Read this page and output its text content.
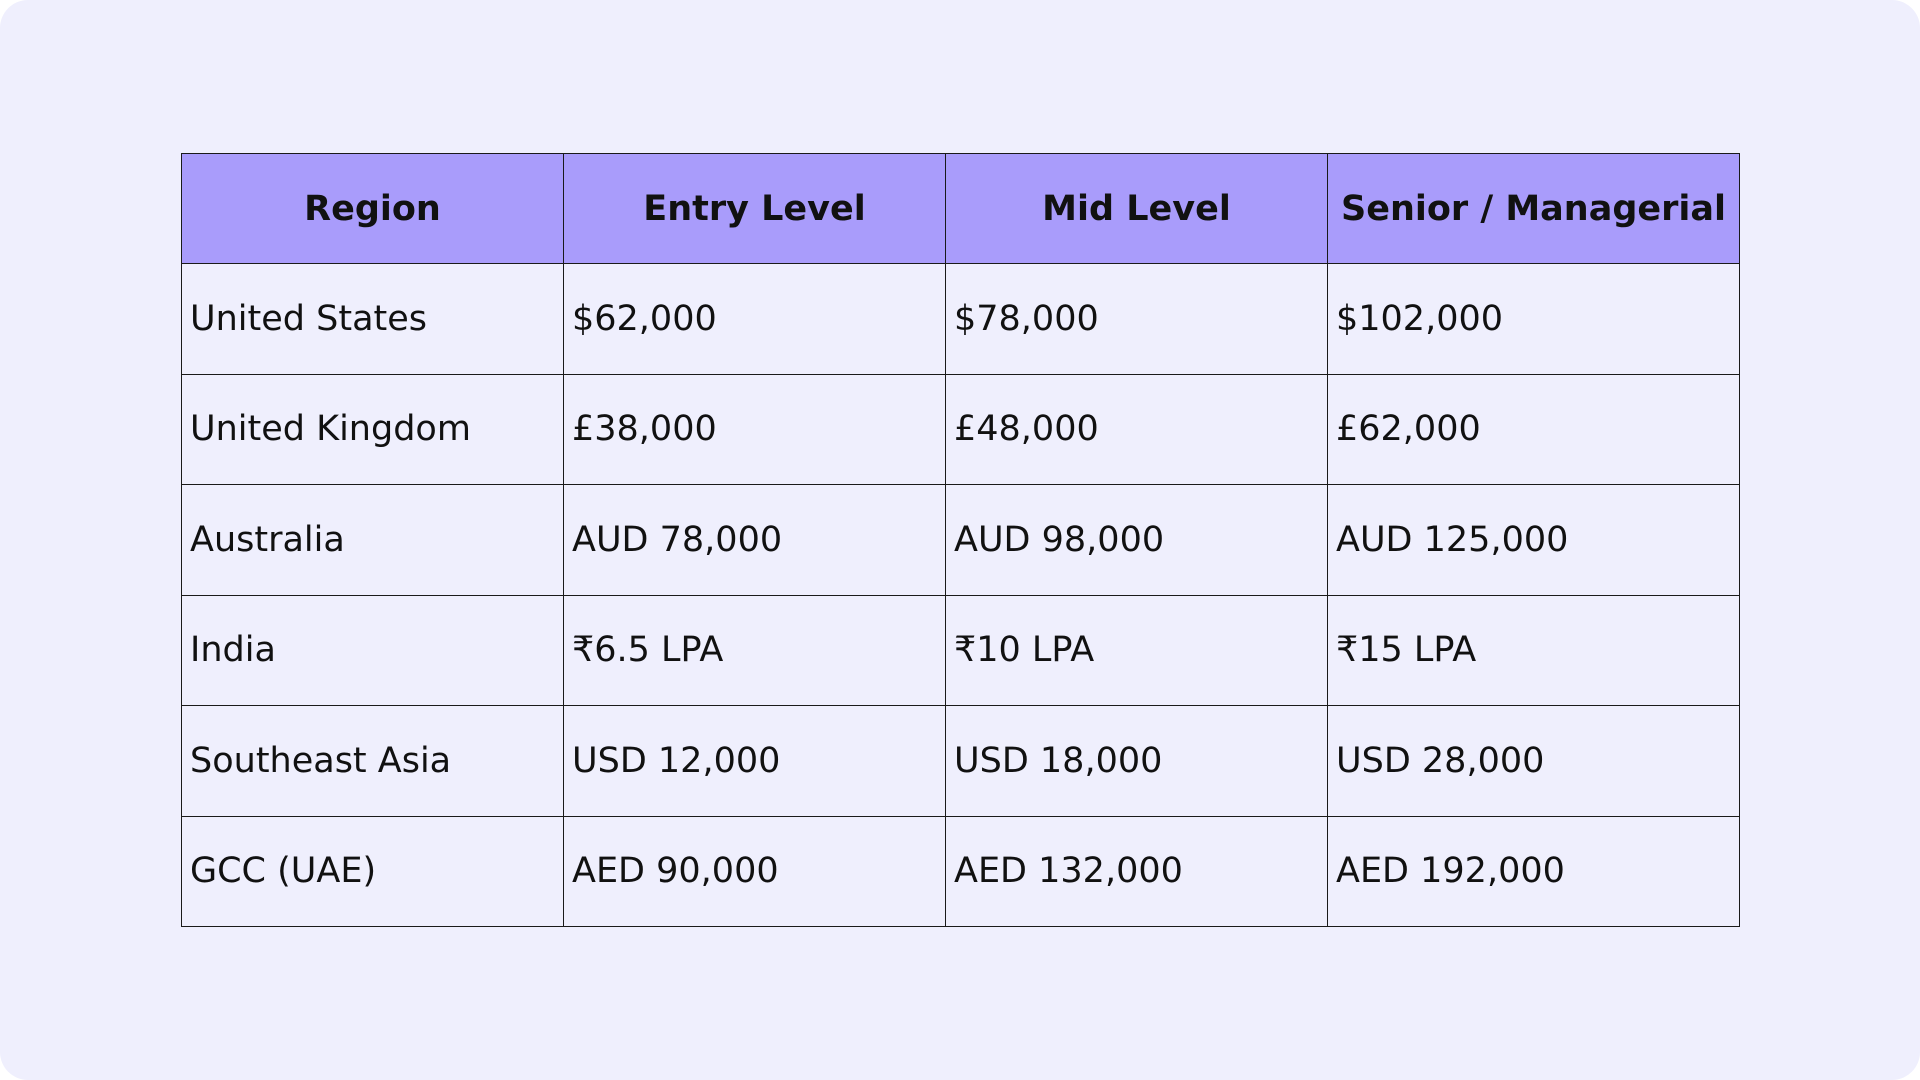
Region	Entry Level	Mid Level	Senior / Managerial
United States	$62,000	$78,000	$102,000
United Kingdom	£38,000	£48,000	£62,000
Australia	AUD 78,000	AUD 98,000	AUD 125,000
India	₹6.5 LPA	₹10 LPA	₹15 LPA
Southeast Asia	USD 12,000	USD 18,000	USD 28,000
GCC (UAE)	AED 90,000	AED 132,000	AED 192,000
